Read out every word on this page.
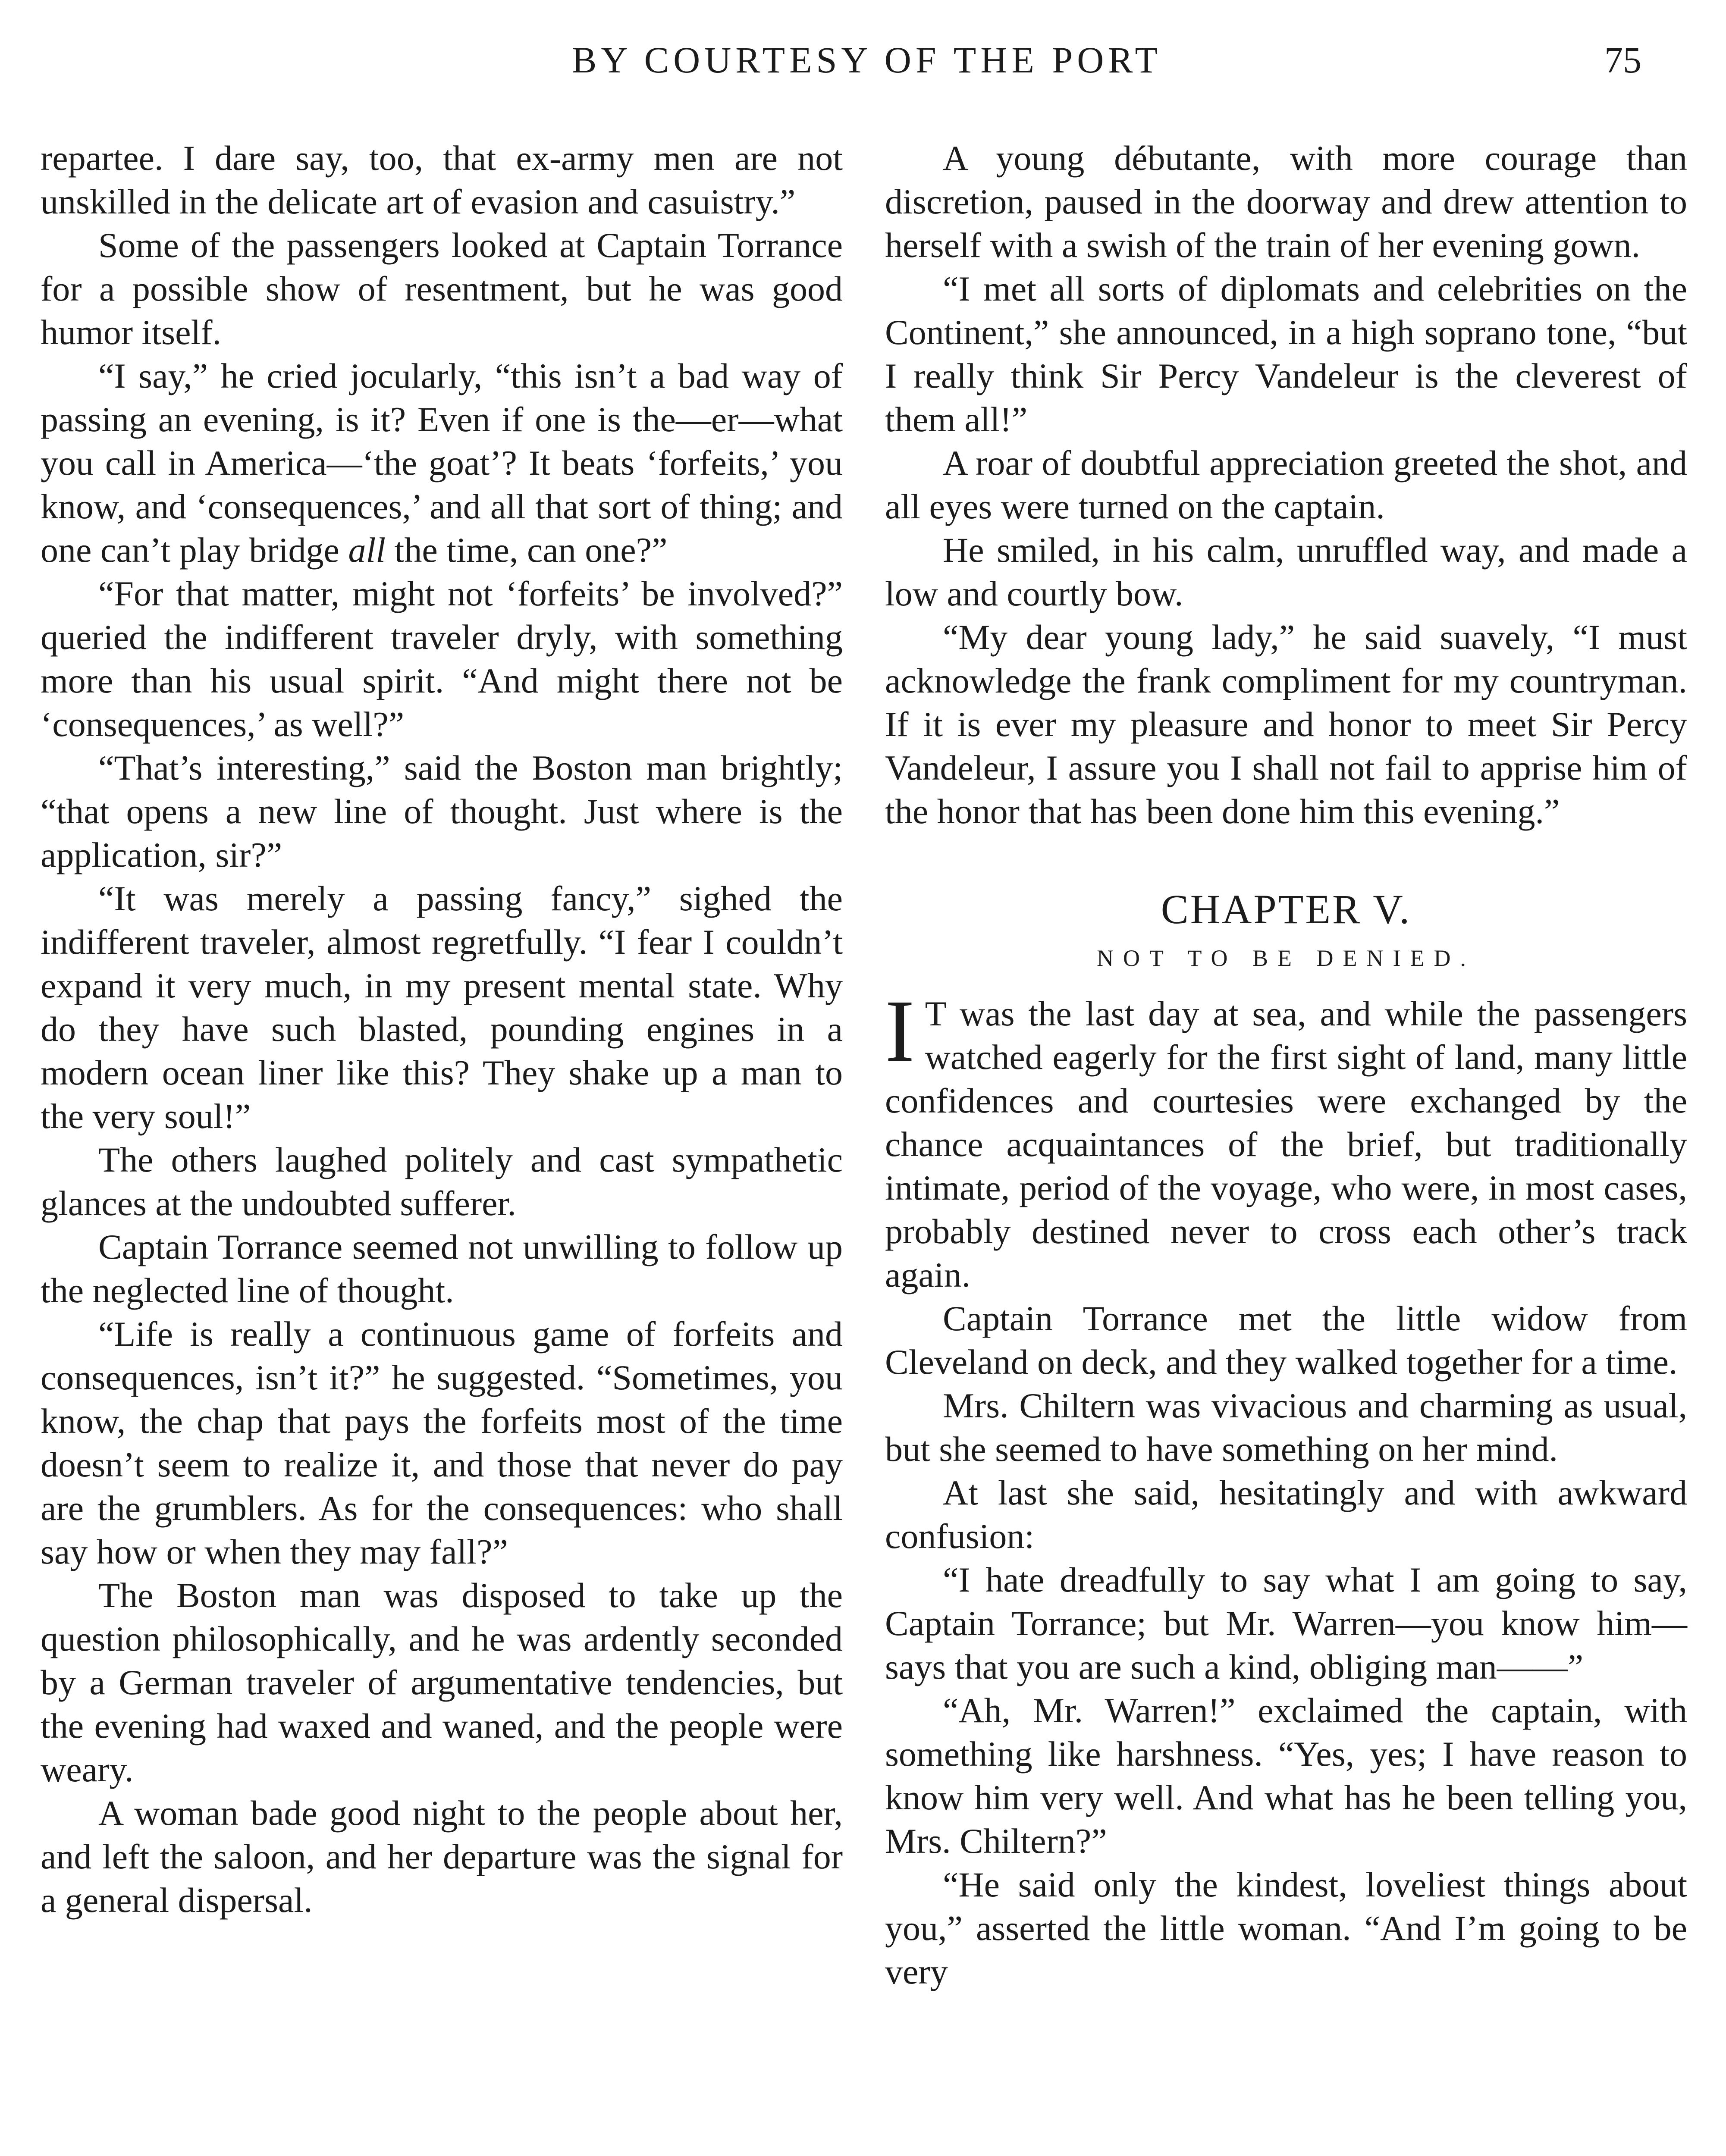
BY COURTESY OF THE PORT	75

repartee. I dare say, too, that ex-army men are not unskilled in the delicate art of evasion and casuistry.”

Some of the passengers looked at Captain Torrance for a possible show of resentment, but he was good humor itself.

“I say,” he cried jocularly, “this isn’t a bad way of passing an evening, is it? Even if one is the—er—what you call in America—‘the goat’? It beats ‘forfeits,’ you know, and ‘consequences,’ and all that sort of thing; and one can’t play bridge all the time, can one?”

“For that matter, might not ‘forfeits’ be involved?” queried the indifferent traveler dryly, with something more than his usual spirit. “And might there not be ‘consequences,’ as well?”

“That’s interesting,” said the Boston man brightly; “that opens a new line of thought. Just where is the application, sir?”

“It was merely a passing fancy,” sighed the indifferent traveler, almost regretfully. “I fear I couldn’t expand it very much, in my present mental state. Why do they have such blasted, pounding engines in a modern ocean liner like this? They shake up a man to the very soul!”

The others laughed politely and cast sympathetic glances at the undoubted sufferer.

Captain Torrance seemed not unwilling to follow up the neglected line of thought.

“Life is really a continuous game of forfeits and consequences, isn’t it?” he suggested. “Sometimes, you know, the chap that pays the forfeits most of the time doesn’t seem to realize it, and those that never do pay are the grumblers. As for the consequences: who shall say how or when they may fall?”

The Boston man was disposed to take up the question philosophically, and he was ardently seconded by a German traveler of argumentative tendencies, but the evening had waxed and waned, and the people were weary.

A woman bade good night to the people about her, and left the saloon, and her departure was the signal for a general dispersal.

A young débutante, with more courage than discretion, paused in the doorway and drew attention to herself with a swish of the train of her evening gown.

“I met all sorts of diplomats and celebrities on the Continent,” she announced, in a high soprano tone, “but I really think Sir Percy Vandeleur is the cleverest of them all!”

A roar of doubtful appreciation greeted the shot, and all eyes were turned on the captain.

He smiled, in his calm, unruffled way, and made a low and courtly bow.

“My dear young lady,” he said suavely, “I must acknowledge the frank compliment for my countryman. If it is ever my pleasure and honor to meet Sir Percy Vandeleur, I assure you I shall not fail to apprise him of the honor that has been done him this evening.”

CHAPTER V.
NOT TO BE DENIED.

I T was the last day at sea, and while the passengers watched eagerly for the first sight of land, many little confidences and courtesies were exchanged by the chance acquaintances of the brief, but traditionally intimate, period of the voyage, who were, in most cases, probably destined never to cross each other’s track again.

Captain Torrance met the little widow from Cleveland on deck, and they walked together for a time.

Mrs. Chiltern was vivacious and charming as usual, but she seemed to have something on her mind.

At last she said, hesitatingly and with awkward confusion:

“I hate dreadfully to say what I am going to say, Captain Torrance; but Mr. Warren—you know him—says that you are such a kind, obliging man——”

“Ah, Mr. Warren!” exclaimed the captain, with something like harshness. “Yes, yes; I have reason to know him very well. And what has he been telling you, Mrs. Chiltern?”

“He said only the kindest, loveliest things about you,” asserted the little woman. “And I’m going to be very
